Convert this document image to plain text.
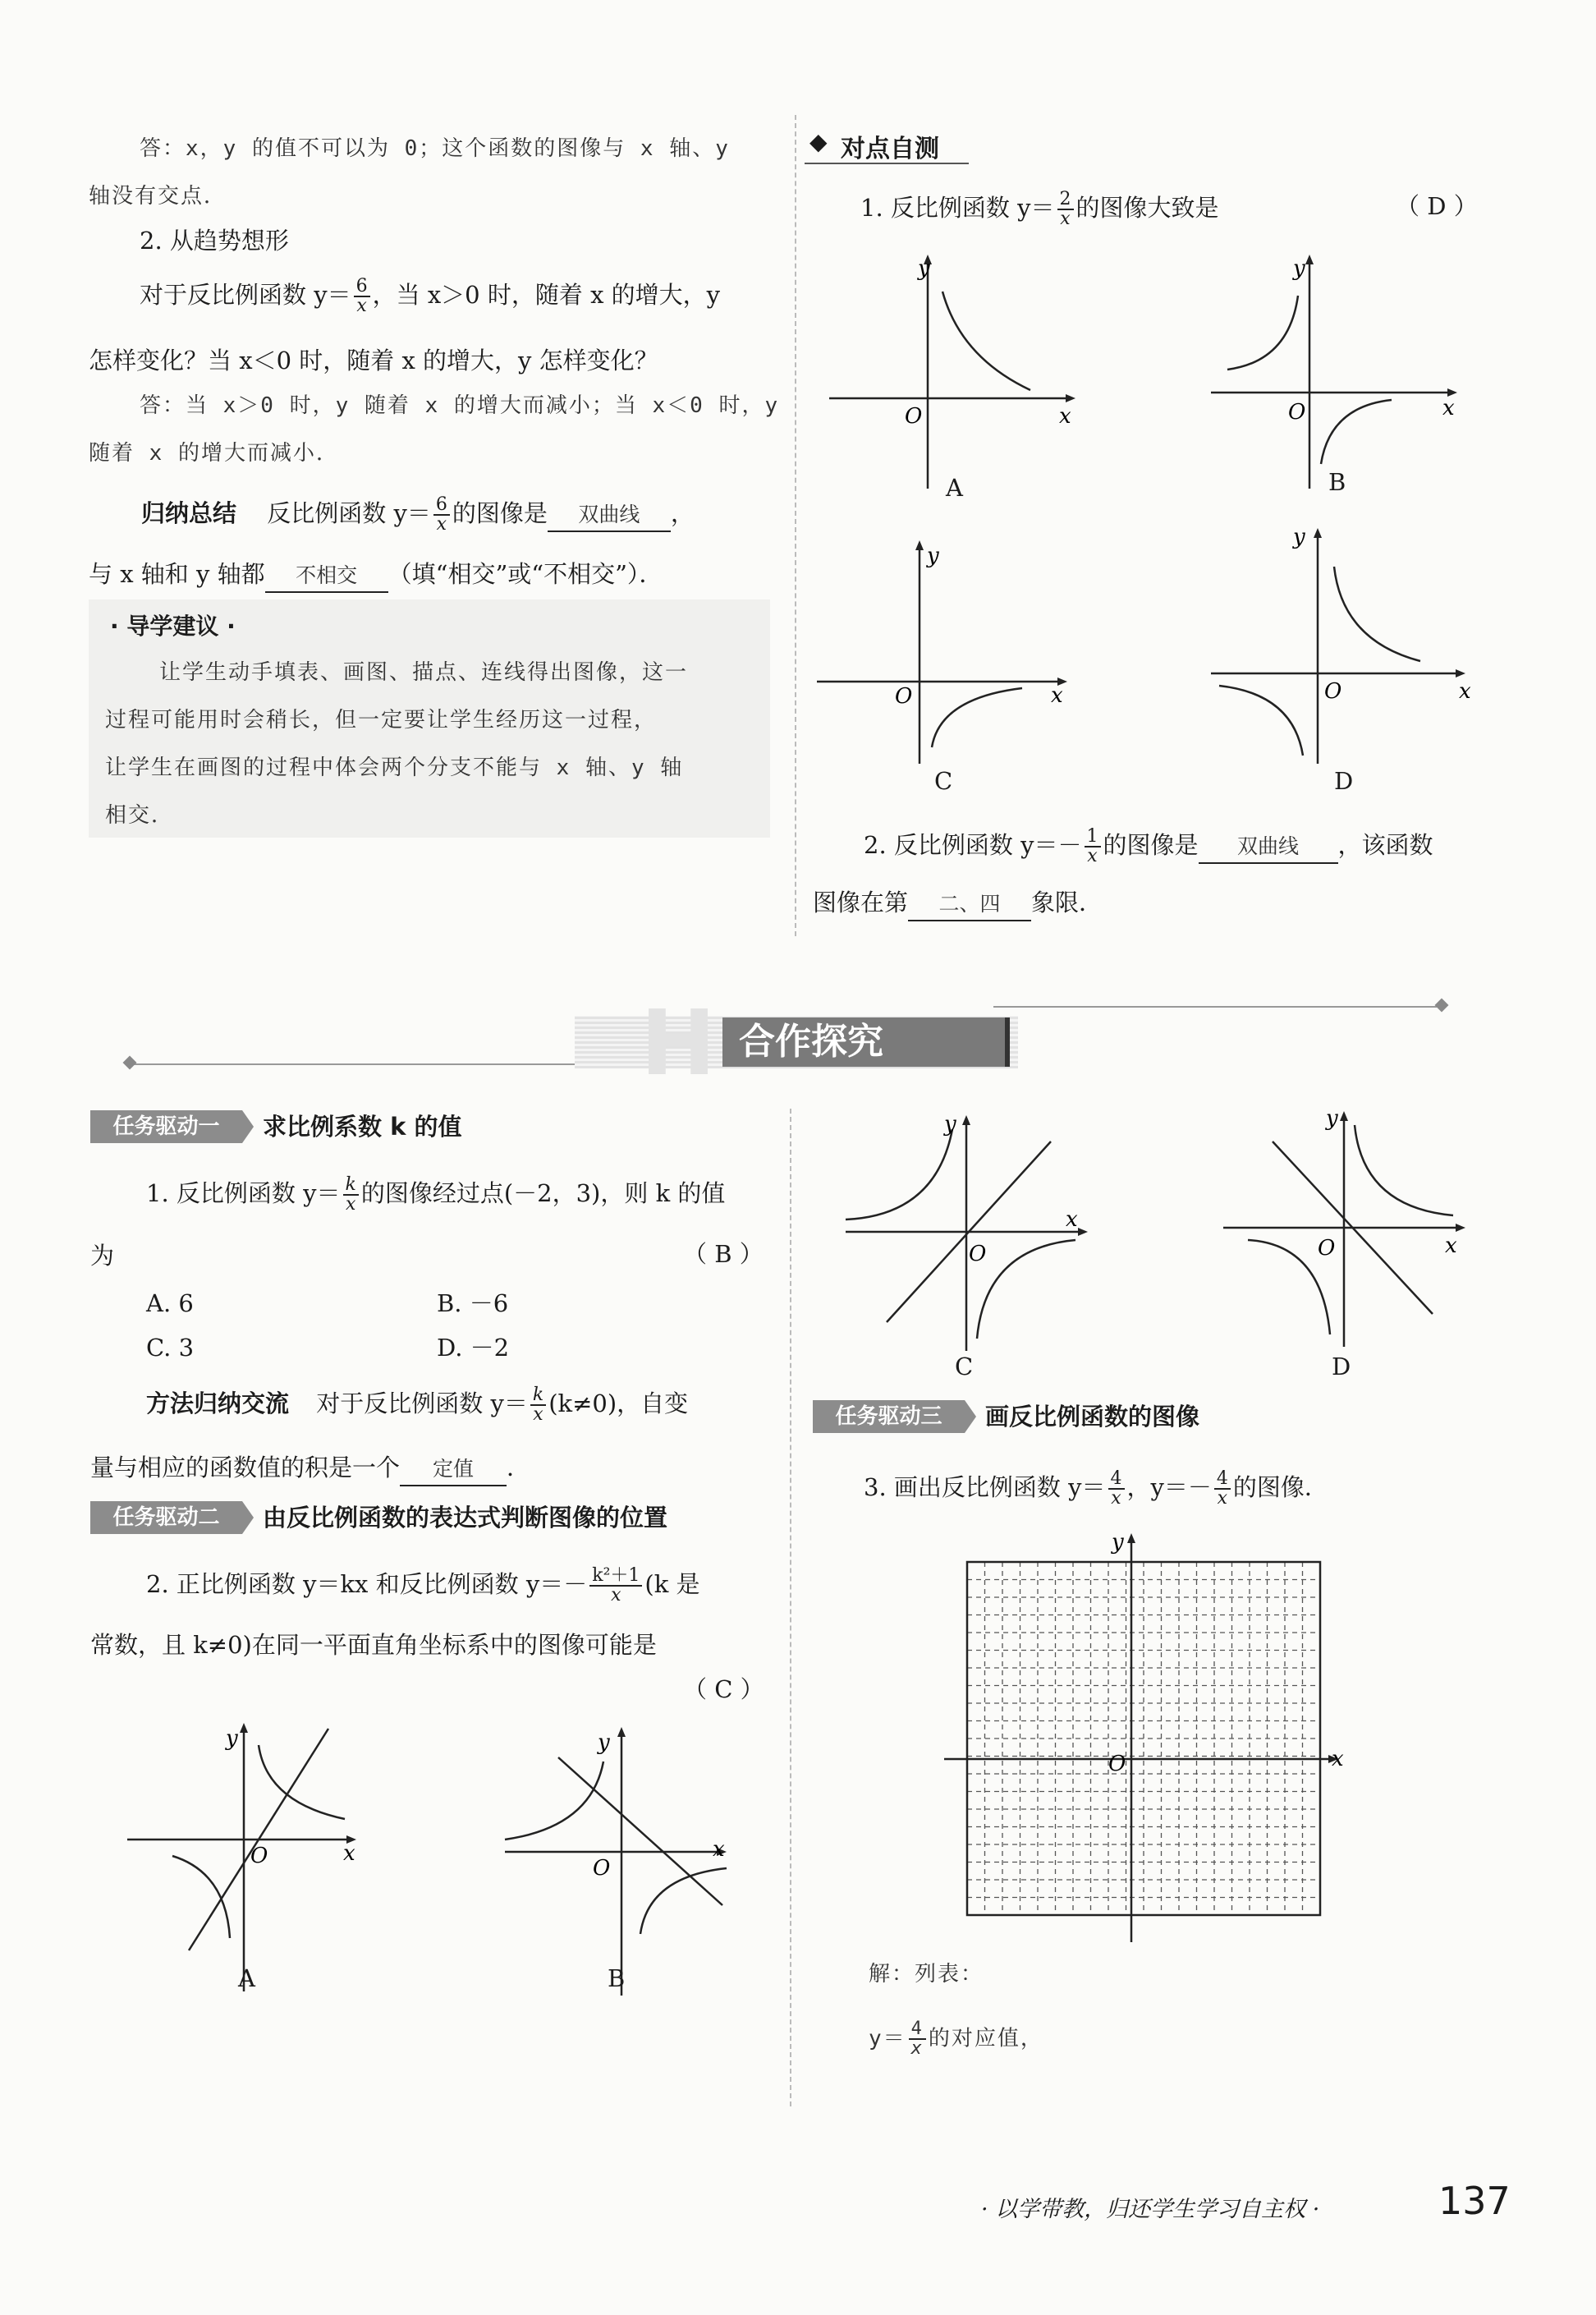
答：x，y 的值不可以为 0；这个函数的图像与 x 轴、y
轴没有交点．
2. 从趋势想形
对于反比例函数 $y= \frac{6}{x}$ ，当 x＞0 时，随着 x 的增大，y
怎样变化？当 x＜0 时，随着 x 的增大，y 怎样变化？
答：当 x＞0 时，y 随着 x 的增大而减小；当 x＜0 时，y
随着 x 的增大而减小．
归纳总结 反比例函数 $y= \frac{6}{x}$ 的图像是 双曲线 ，
与 x 轴和 y 轴都 不相交 （填“相交”或“不相交”）．
· 导学建议 ·
让学生动手填表、画图、描点、连线得出图像，这一
过程可能用时会稍长，但一定要让学生经历这一过程，
让学生在画图的过程中体会两个分支不能与 x 轴、y 轴
相交．
◆ 对点自测
1. 反比例函数 $y= \frac{2}{x}$ 的图像大致是	（ D ）
y
x
O
A
y
x
O
B
y
x
O
C
y
x
O
D
2. 反比例函数 $y=- \frac{1}{x}$ 的图像是 双曲线 ，该函数
图像在第 二、四 象限．
H 合作探究
任务驱动一	求比例系数 k 的值
1. 反比例函数 $y= \frac{k}{x}$ 的图像经过点(－2，3)，则 k 的值
为	（ B ）
A. 6	B. －6
C. 3	D. －2
方法归纳交流 对于反比例函数 $y= \frac{k}{x} (k\ne 0)$，自变
量与相应的函数值的积是一个 定值 ．
任务驱动二	由反比例函数的表达式判断图像的位置
2. 正比例函数 y＝kx 和反比例函数 $y=- \frac{\text{k²＋1}}{x} (k$ 是
常数，且 k≠0)在同一平面直角坐标系中的图像可能是
（ C ）
y
x
O
A
y
x
O
B
y
x
O
C
y
x
O
D
任务驱动三	画反比例函数的图像
3. 画出反比例函数 $y= \frac{4}{x}$ ，$y=- \frac{4}{x}$ 的图像．
y
x
O
解：列表：
$y= \frac{4}{x}$ 的对应值，
· 以学带教，归还学生学习自主权 ·	137
